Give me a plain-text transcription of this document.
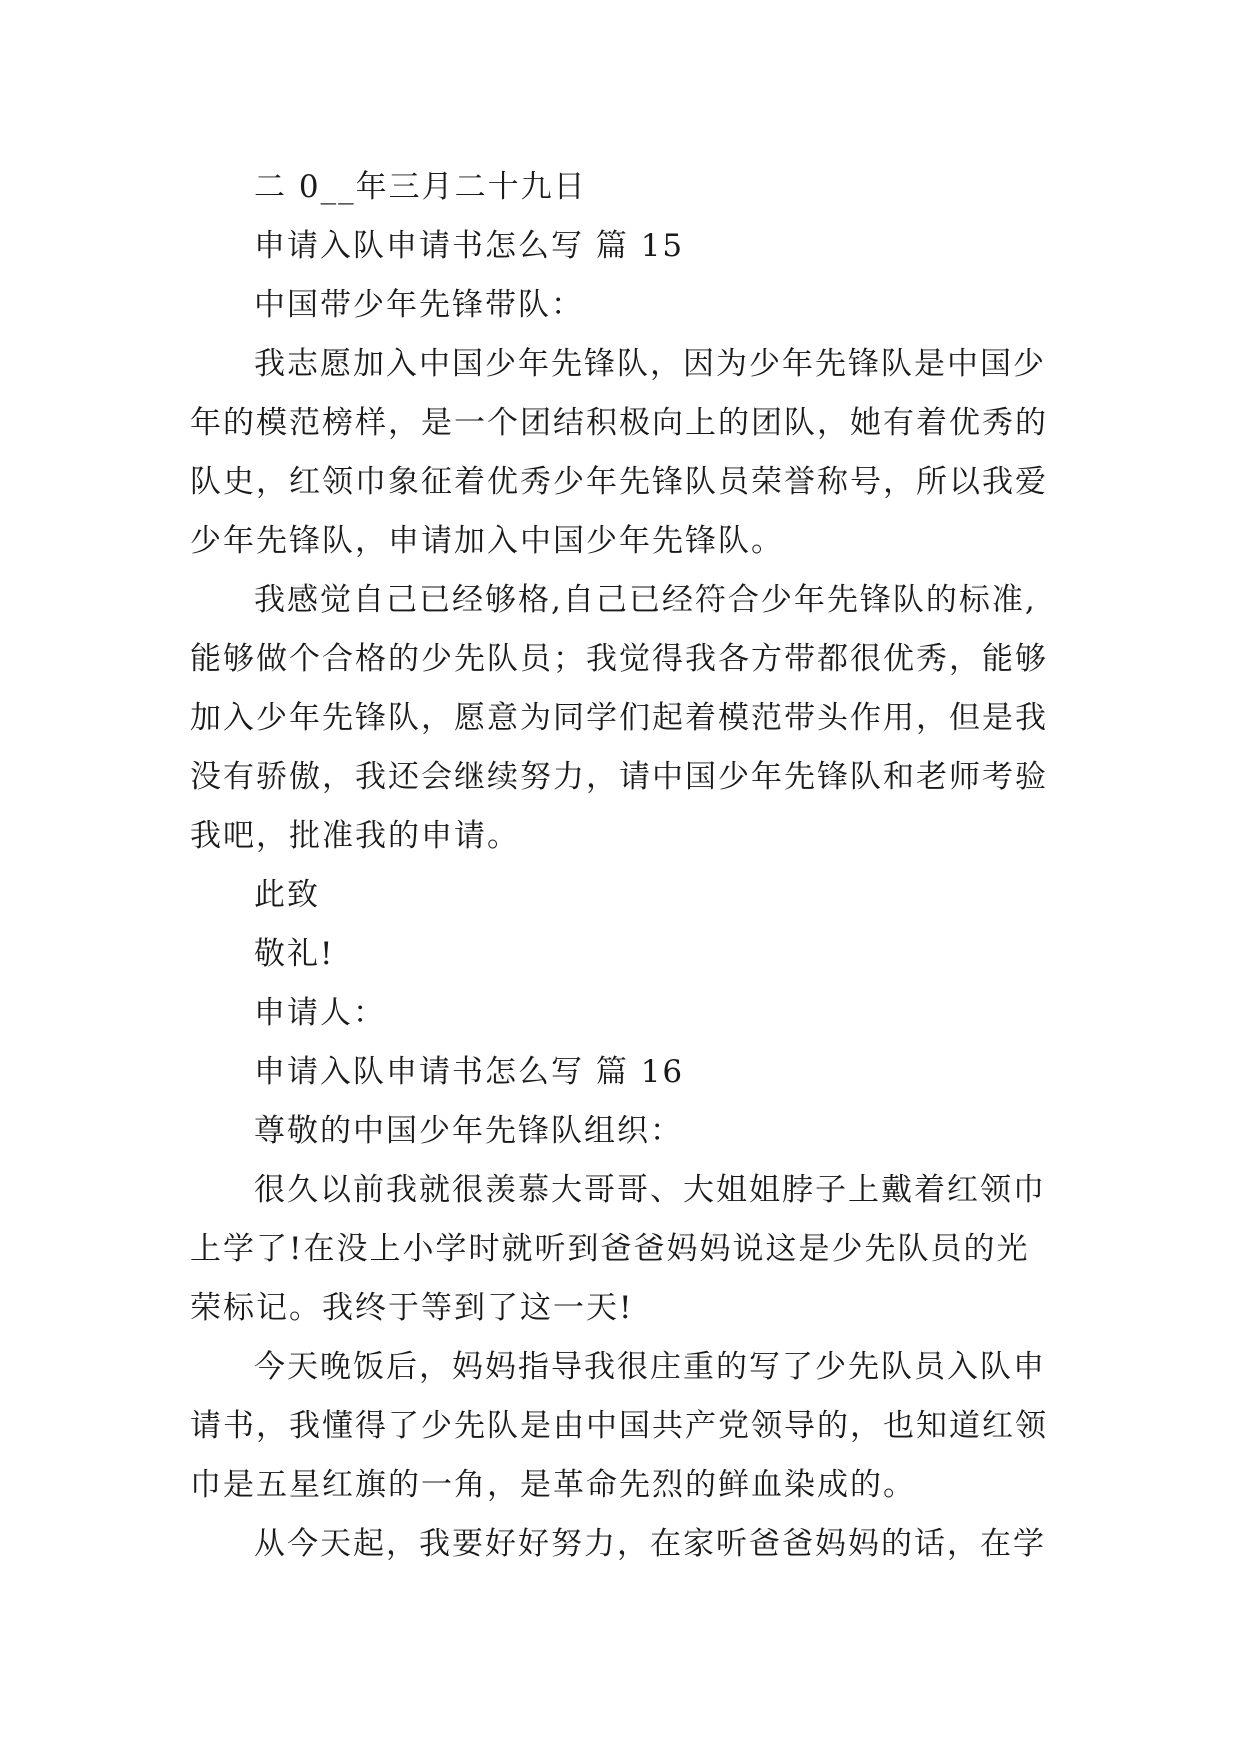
二 0__年三月二十九日
申请入队申请书怎么写 篇 15
中国带少年先锋带队：
我志愿加入中国少年先锋队，因为少年先锋队是中国少
年的模范榜样，是一个团结积极向上的团队，她有着优秀的
队史，红领巾象征着优秀少年先锋队员荣誉称号，所以我爱
少年先锋队，申请加入中国少年先锋队。
我感觉自己已经够格,自己已经符合少年先锋队的标准,
能够做个合格的少先队员；我觉得我各方带都很优秀，能够
加入少年先锋队，愿意为同学们起着模范带头作用，但是我
没有骄傲，我还会继续努力，请中国少年先锋队和老师考验
我吧，批准我的申请。
此致
敬礼!
申请人：
申请入队申请书怎么写 篇 16
尊敬的中国少年先锋队组织：
很久以前我就很羡慕大哥哥、大姐姐脖子上戴着红领巾
上学了!在没上小学时就听到爸爸妈妈说这是少先队员的光
荣标记。我终于等到了这一天!
今天晚饭后，妈妈指导我很庄重的写了少先队员入队申
请书，我懂得了少先队是由中国共产党领导的，也知道红领
巾是五星红旗的一角，是革命先烈的鲜血染成的。
从今天起，我要好好努力，在家听爸爸妈妈的话，在学
